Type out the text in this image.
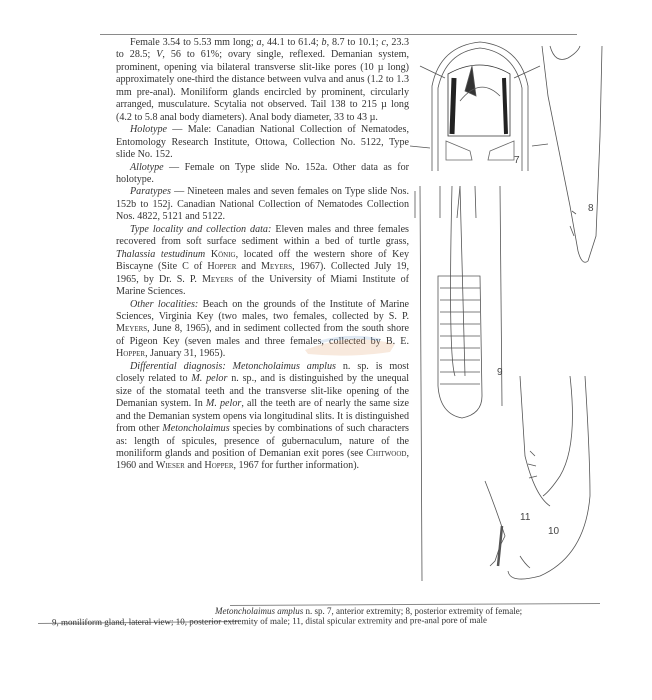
Female 3.54 to 5.53 mm long; a, 44.1 to 61.4; b, 8.7 to 10.1; c, 23.3 to 28.5; V, 56 to 61%; ovary single, reflexed. Demanian system, prominent, opening via bilateral transverse slit-like pores (10 µ long) approximately one-third the distance between vulva and anus (1.2 to 1.3 mm pre-anal). Moniliform glands encircled by prominent, circularly arranged, musculature. Scytalia not observed. Tail 138 to 215 µ long (4.2 to 5.8 anal body diameters). Anal body diameter, 33 to 43 µ.

Holotype — Male: Canadian National Collection of Nematodes, Entomology Research Institute, Ottowa, Collection No. 5122, Type slide No. 152.

Allotype — Female on Type slide No. 152a. Other data as for holotype.

Paratypes — Nineteen males and seven females on Type slide Nos. 152b to 152j. Canadian National Collection of Nematodes Collection Nos. 4822, 5121 and 5122.

Type locality and collection data: Eleven males and three females recovered from soft surface sediment within a bed of turtle grass, Thalassia testudinum König, located off the western shore of Key Biscayne (Site C of Hopper and Meyers, 1967). Collected July 19, 1965, by Dr. S. P. Meyers of the University of Miami Institute of Marine Sciences.

Other localities: Beach on the grounds of the Institute of Marine Sciences, Virginia Key (two males, two females, collected by S. P. Meyers, June 8, 1965), and in sediment collected from the south shore of Pigeon Key (seven males and three females, collected by B. E. Hopper, January 31, 1965).

Differential diagnosis: Metoncholaimus amplus n. sp. is most closely related to M. pelor n. sp., and is distinguished by the unequal size of the stomatal teeth and the transverse slit-like opening of the Demanian system. In M. pelor, all the teeth are of nearly the same size and the Demanian system opens via longitudinal slits. It is distinguished from other Metoncholaimus species by combinations of such characters as: length of spicules, presence of gubernaculum, nature of the moniliform glands and position of Demanian exit pores (see Chitwood, 1960 and Wieser and Hopper, 1967 for further information).

7
8
9
10
11
Metoncholaimus amplus n. sp. 7, anterior extremity; 8, posterior extremity of female;
9, moniliform gland, lateral view; 10, posterior extremity of male; 11, distal spicular extremity and pre-anal pore of male
